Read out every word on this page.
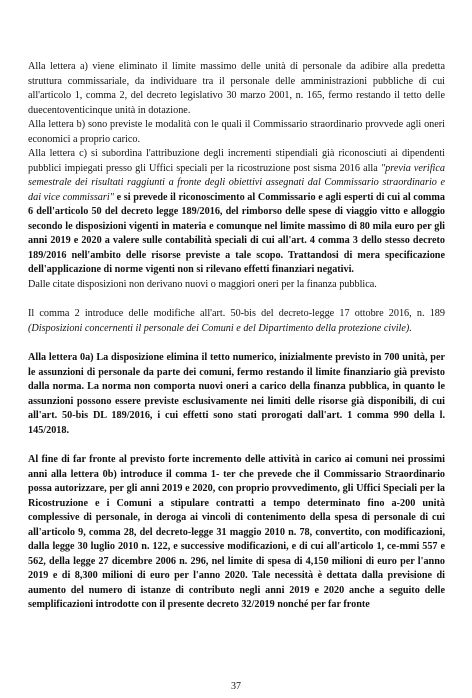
Alla lettera a) viene eliminato il limite massimo delle unità di personale da adibire alla predetta struttura commissariale, da individuare tra il personale delle amministrazioni pubbliche di cui all'articolo 1, comma 2, del decreto legislativo 30 marzo 2001, n. 165, fermo restando il tetto delle duecentoventicinque unità in dotazione.

Alla lettera b) sono previste le modalità con le quali il Commissario straordinario provvede agli oneri economici a proprio carico.

Alla lettera c) si subordina l'attribuzione degli incrementi stipendiali già riconosciuti ai dipendenti pubblici impiegati presso gli Uffici speciali per la ricostruzione post sisma 2016 alla "previa verifica semestrale dei risultati raggiunti a fronte degli obiettivi assegnati dal Commissario straordinario e dai vice commissari" e si prevede il riconoscimento al Commissario e agli esperti di cui al comma 6 dell'articolo 50 del decreto legge 189/2016, del rimborso delle spese di viaggio vitto e alloggio secondo le disposizioni vigenti in materia e comunque nel limite massimo di 80 mila euro per gli anni 2019 e 2020 a valere sulle contabilità speciali di cui all'art. 4 comma 3 dello stesso decreto 189/2016 nell'ambito delle risorse previste a tale scopo. Trattandosi di mera specificazione dell'applicazione di norme vigenti non si rilevano effetti finanziari negativi.

Dalle citate disposizioni non derivano nuovi o maggiori oneri per la finanza pubblica.

Il comma 2 introduce delle modifiche all'art. 50-bis del decreto-legge 17 ottobre 2016, n. 189 (Disposizioni concernenti il personale dei Comuni e del Dipartimento della protezione civile).

Alla lettera 0a) La disposizione elimina il tetto numerico, inizialmente previsto in 700 unità, per le assunzioni di personale da parte dei comuni, fermo restando il limite finanziario già previsto dalla norma. La norma non comporta nuovi oneri a carico della finanza pubblica, in quanto le assunzioni possono essere previste esclusivamente nei limiti delle risorse già disponibili, di cui all'art. 50-bis DL 189/2016, i cui effetti sono stati prorogati dall'art. 1 comma 990 della l. 145/2018.

Al fine di far fronte al previsto forte incremento delle attività in carico ai comuni nei prossimi anni alla lettera 0b) introduce il comma 1- ter che prevede che il Commissario Straordinario possa autorizzare, per gli anni 2019 e 2020, con proprio provvedimento, gli Uffici Speciali per la Ricostruzione e i Comuni a stipulare contratti a tempo determinato fino a-200 unità complessive di personale, in deroga ai vincoli di contenimento della spesa di personale di cui all'articolo 9, comma 28, del decreto-legge 31 maggio 2010 n. 78, convertito, con modificazioni, dalla legge 30 luglio 2010 n. 122, e successive modificazioni, e di cui all'articolo 1, ce-mmi 557 e 562, della legge 27 dicembre 2006 n. 296, nel limite di spesa di 4,150 milioni di euro per l'anno 2019 e di 8,300 milioni di euro per l'anno 2020. Tale necessità è dettata dalla previsione di aumento del numero di istanze di contributo negli anni 2019 e 2020 anche a seguito delle semplificazioni introdotte con il presente decreto 32/2019 nonché per far fronte

37
